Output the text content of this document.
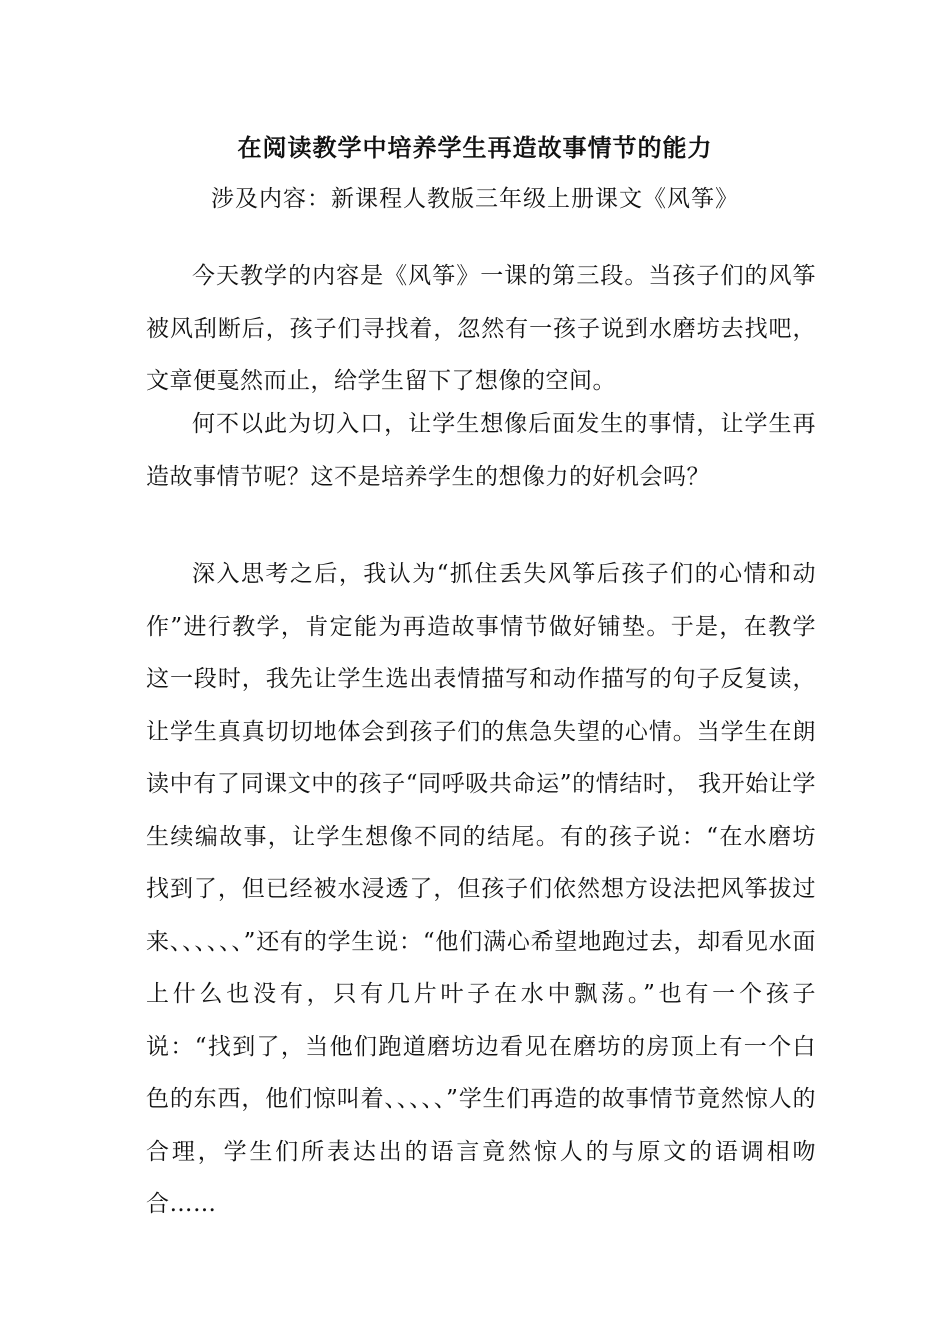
在阅读教学中培养学生再造故事情节的能力
涉及内容：新课程人教版三年级上册课文《风筝》

今天教学的内容是《风筝》一课的第三段。当孩子们的风筝被风刮断后，孩子们寻找着，忽然有一孩子说到水磨坊去找吧，文章便戛然而止，给学生留下了想像的空间。

何不以此为切入口，让学生想像后面发生的事情，让学生再造故事情节呢？这不是培养学生的想像力的好机会吗？

深入思考之后，我认为“抓住丢失风筝后孩子们的心情和动作”进行教学，肯定能为再造故事情节做好铺垫。于是，在教学这一段时，我先让学生选出表情描写和动作描写的句子反复读，让学生真真切切地体会到孩子们的焦急失望的心情。当学生在朗读中有了同课文中的孩子“同呼吸共命运”的情结时， 我开始让学生续编故事，让学生想像不同的结尾。有的孩子说：“在水磨坊找到了，但已经被水浸透了，但孩子们依然想方设法把风筝拔过来、、、、、、”还有的学生说：“他们满心希望地跑过去，却看见水面上什么也没有，只有几片叶子在水中飘荡。”也有一个孩子说：“找到了，当他们跑道磨坊边看见在磨坊的房顶上有一个白色的东西，他们惊叫着、、、、、”学生们再造的故事情节竟然惊人的合理，学生们所表达出的语言竟然惊人的与原文的语调相吻合……
